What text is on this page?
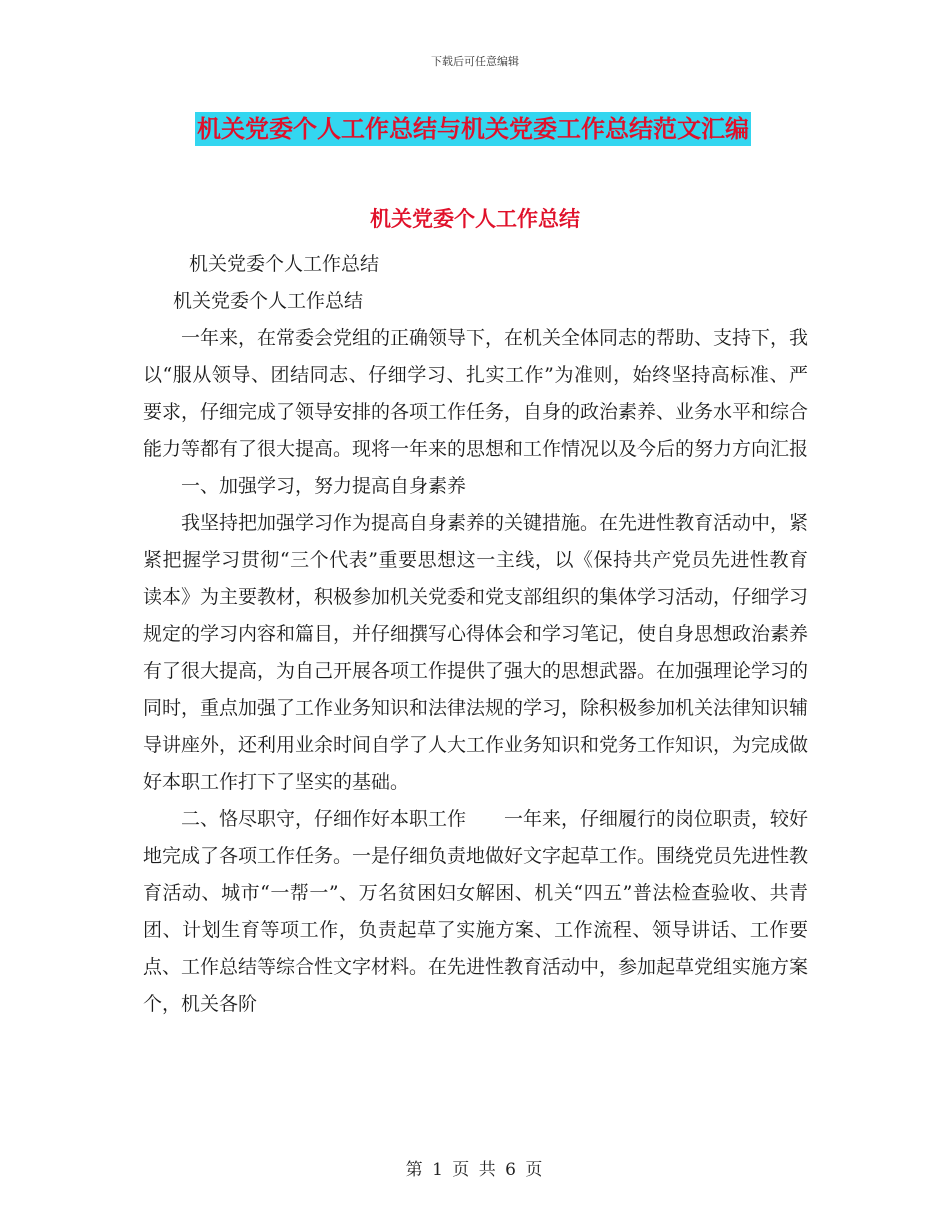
下载后可任意编辑
机关党委个人工作总结与机关党委工作总结范文汇编
机关党委个人工作总结

机关党委个人工作总结

机关党委个人工作总结

一年来，在常委会党组的正确领导下，在机关全体同志的帮助、支持下，我以“服从领导、团结同志、仔细学习、扎实工作”为准则，始终坚持高标准、严要求，仔细完成了领导安排的各项工作任务，自身的政治素养、业务水平和综合能力等都有了很大提高。现将一年来的思想和工作情况以及今后的努力方向汇报

一、加强学习，努力提高自身素养

我坚持把加强学习作为提高自身素养的关键措施。在先进性教育活动中，紧紧把握学习贯彻“三个代表”重要思想这一主线，以《保持共产党员先进性教育读本》为主要教材，积极参加机关党委和党支部组织的集体学习活动，仔细学习规定的学习内容和篇目，并仔细撰写心得体会和学习笔记，使自身思想政治素养有了很大提高，为自己开展各项工作提供了强大的思想武器。在加强理论学习的同时，重点加强了工作业务知识和法律法规的学习，除积极参加机关法律知识辅导讲座外，还利用业余时间自学了人大工作业务知识和党务工作知识，为完成做好本职工作打下了坚实的基础。

二、恪尽职守，仔细作好本职工作　　一年来，仔细履行的岗位职责，较好地完成了各项工作任务。一是仔细负责地做好文字起草工作。围绕党员先进性教育活动、城市“一帮一”、万名贫困妇女解困、机关“四五”普法检查验收、共青团、计划生育等项工作，负责起草了实施方案、工作流程、领导讲话、工作要点、工作总结等综合性文字材料。在先进性教育活动中，参加起草党组实施方案个，机关各阶

第 1 页 共 6 页
